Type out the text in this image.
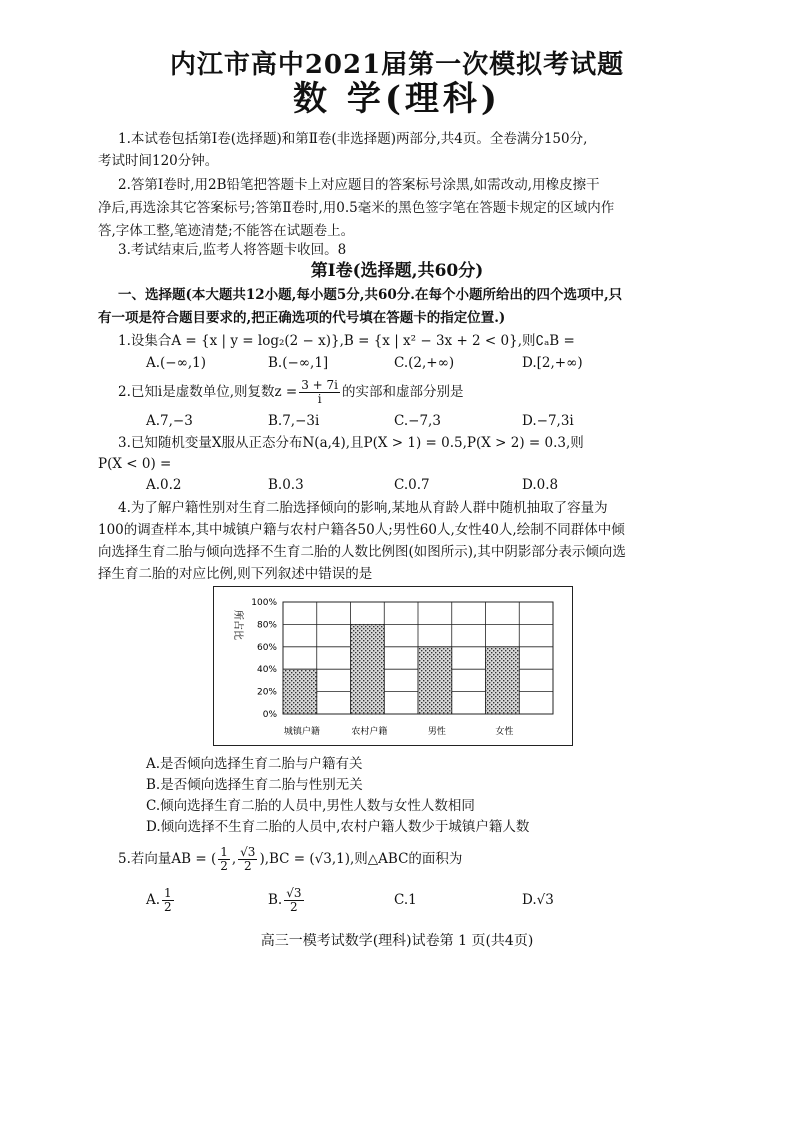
内江市高中2021届第一次模拟考试题
数 学(理科)
1.本试卷包括第Ⅰ卷(选择题)和第Ⅱ卷(非选择题)两部分,共4页。全卷满分150分,
考试时间120分钟。
2.答第Ⅰ卷时,用2B铅笔把答题卡上对应题目的答案标号涂黑,如需改动,用橡皮擦干
净后,再选涂其它答案标号;答第Ⅱ卷时,用0.5毫米的黑色签字笔在答题卡规定的区域内作
答,字体工整,笔迹清楚;不能答在试题卷上。
3.考试结束后,监考人将答题卡收回。8
第Ⅰ卷(选择题,共60分)
一、选择题(本大题共12小题,每小题5分,共60分.在每个小题所给出的四个选项中,只
有一项是符合题目要求的,把正确选项的代号填在答题卡的指定位置.)
1.设集合A = {x | y = log₂(2 − x)},B = {x | x² − 3x + 2 < 0},则∁ₐB =
A.(−∞,1)	B.(−∞,1]	C.(2,+∞)	D.[2,+∞)
2.已知i是虚数单位,则复数$z = \frac{3 + 7i}{i}$ 的实部和虚部分别是
A.7,−3	B.7,−3i	C.−7,3	D.−7,3i
3.已知随机变量X服从正态分布N(a,4),且P(X > 1) = 0.5,P(X > 2) = 0.3,则
P(X < 0) =
A.0.2	B.0.3	C.0.7	D.0.8
4.为了解户籍性别对生育二胎选择倾向的影响,某地从育龄人群中随机抽取了容量为
100的调查样本,其中城镇户籍与农村户籍各50人;男性60人,女性40人,绘制不同群体中倾
向选择生育二胎与倾向选择不生育二胎的人数比例图(如图所示),其中阴影部分表示倾向选
择生育二胎的对应比例,则下列叙述中错误的是
所占比
0%
20%
40%
60%
80%
100%
城镇户籍	农村户籍	男性	女性
A.是否倾向选择生育二胎与户籍有关
B.是否倾向选择生育二胎与性别无关
C.倾向选择生育二胎的人员中,男性人数与女性人数相同
D.倾向选择不生育二胎的人员中,农村户籍人数少于城镇户籍人数
5.若向量AB = ( $\frac{1}{2}$ , $\frac{√3}{2} ),BC = (√3,1)$,则△ABC的面积为
A. $\frac{1}{2}$	B. $\frac{√3}{2}$	C.1	D.√3
高三一模考试数学(理科)试卷第 1 页(共4页)
